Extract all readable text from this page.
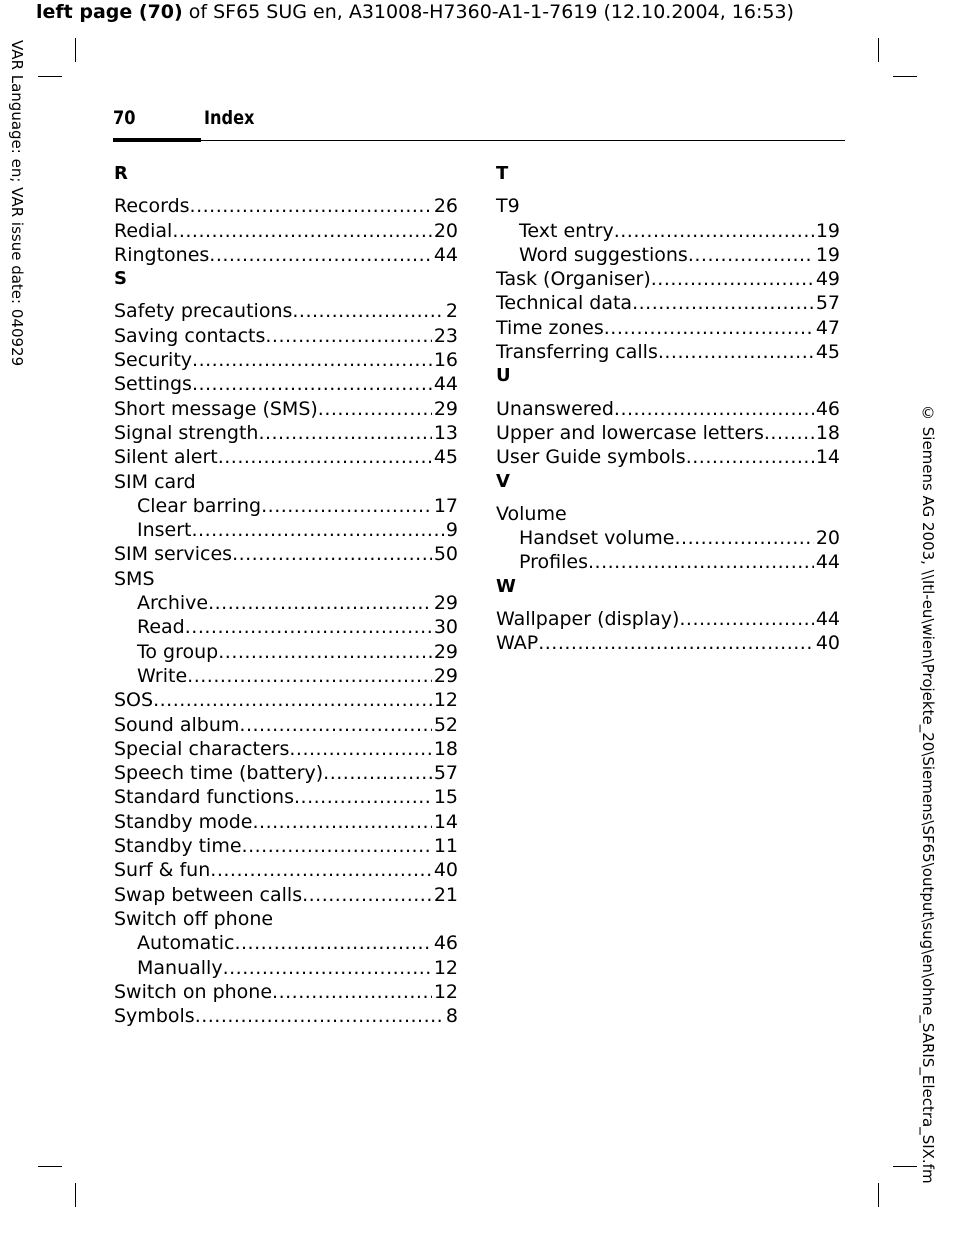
left page (70) of SF65 SUG en, A31008-H7360-A1-1-7619 (12.10.2004, 16:53)
VAR Language: en; VAR issue date: 040929
© Siemens AG 2003, \\Itl-eu\wien\Projekte_20\Siemens\SF65\output\sug\en\ohne_SARIS_Electra_SIX.fm
70	Index
R
Records .....	26
Redial .....	20
Ringtones .....	44
S
Safety precautions .....	2
Saving contacts .....	23
Security .....	16
Settings .....	44
Short message (SMS) .....	29
Signal strength .....	13
Silent alert .....	45
SIM card
Clear barring .....	17
Insert .....	9
SIM services .....	50
SMS
Archive .....	29
Read .....	30
To group .....	29
Write .....	29
SOS .....	12
Sound album .....	52
Special characters .....	18
Speech time (battery) .....	57
Standard functions .....	15
Standby mode .....	14
Standby time .....	11
Surf & fun .....	40
Swap between calls .....	21
Switch off phone
Automatic .....	46
Manually .....	12
Switch on phone .....	12
Symbols .....	8
T
T9
Text entry .....	19
Word suggestions .....	19
Task (Organiser) .....	49
Technical data .....	57
Time zones .....	47
Transferring calls .....	45
U
Unanswered .....	46
Upper and lowercase letters .....	18
User Guide symbols .....	14
V
Volume
Handset volume .....	20
Profiles .....	44
W
Wallpaper (display) .....	44
WAP .....	40
